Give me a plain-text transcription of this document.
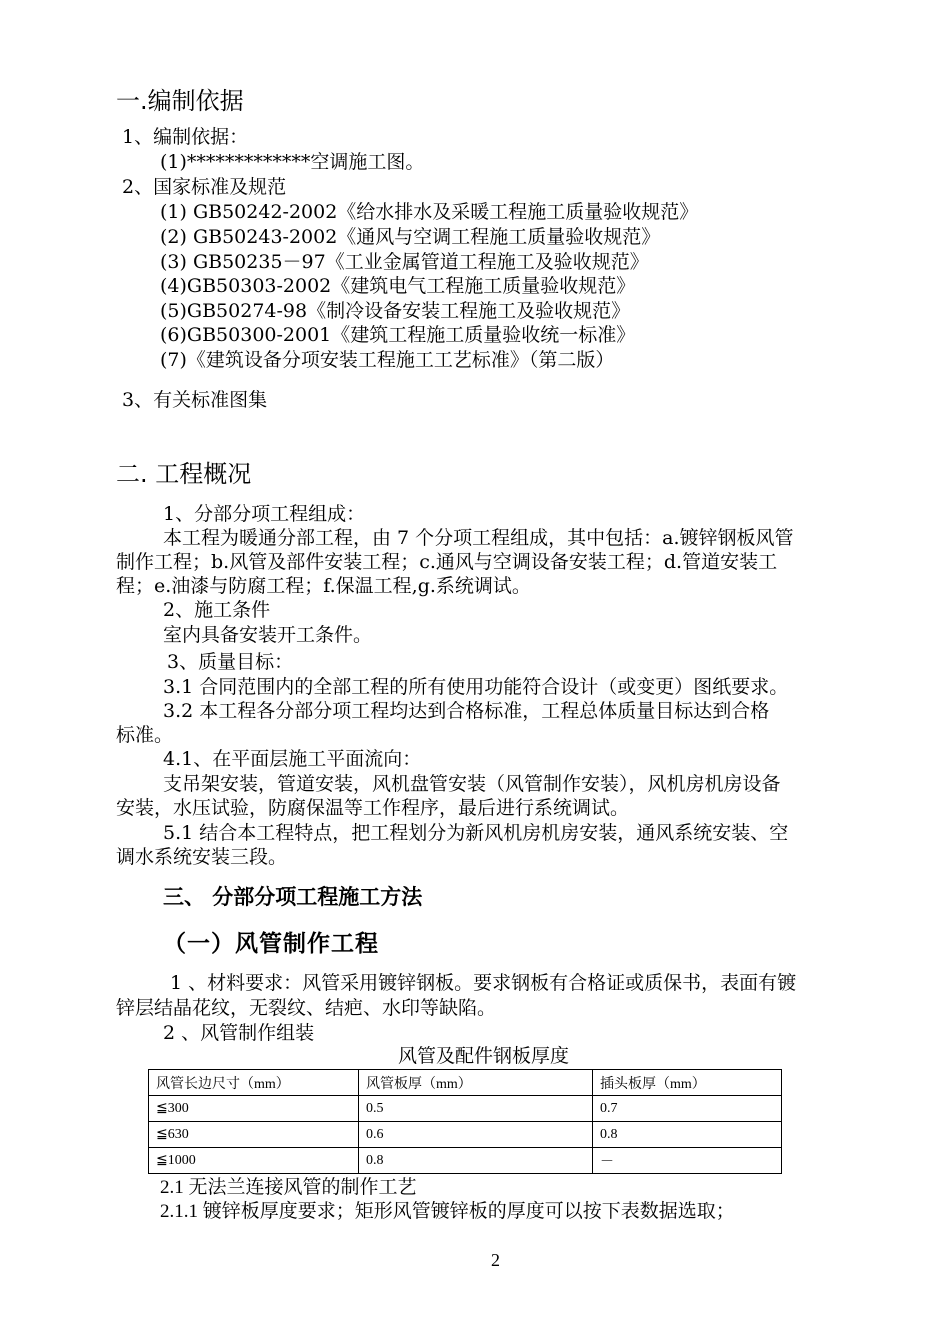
一.编制依据
1、编制依据：
(1)*************空调施工图。
2、国家标准及规范
(1) GB50242-2002《给水排水及采暖工程施工质量验收规范》
(2) GB50243-2002《通风与空调工程施工质量验收规范》
(3) GB50235－97《工业金属管道工程施工及验收规范》
(4)GB50303-2002《建筑电气工程施工质量验收规范》
(5)GB50274-98《制冷设备安装工程施工及验收规范》
(6)GB50300-2001《建筑工程施工质量验收统一标准》
(7)《建筑设备分项安装工程施工工艺标准》（第二版）
3、有关标准图集
二. 工程概况
1、分部分项工程组成：
本工程为暖通分部工程，由 7 个分项工程组成，其中包括：a.镀锌钢板风管
制作工程；b.风管及部件安装工程；c.通风与空调设备安装工程；d.管道安装工
程；e.油漆与防腐工程；f.保温工程,g.系统调试。
2、施工条件
室内具备安装开工条件。
3、质量目标：
3.1 合同范围内的全部工程的所有使用功能符合设计（或变更）图纸要求。
3.2 本工程各分部分项工程均达到合格标准，工程总体质量目标达到合格
标准。
4.1、在平面层施工平面流向：
支吊架安装，管道安装，风机盘管安装（风管制作安装），风机房机房设备
安装，水压试验，防腐保温等工作程序，最后进行系统调试。
5.1 结合本工程特点，把工程划分为新风机房机房安装，通风系统安装、空
调水系统安装三段。
三、 分部分项工程施工方法
（一）风管制作工程
1 、材料要求：风管采用镀锌钢板。要求钢板有合格证或质保书，表面有镀
锌层结晶花纹，无裂纹、结疤、水印等缺陷。
2 、风管制作组装
风管及配件钢板厚度
风管长边尺寸（mm）	风管板厚（mm）	插头板厚（mm）
≦300	0.5	0.7
≦630	0.6	0.8
≦1000	0.8	－
2.1 无法兰连接风管的制作工艺
2.1.1 镀锌板厚度要求；矩形风管镀锌板的厚度可以按下表数据选取；
2
